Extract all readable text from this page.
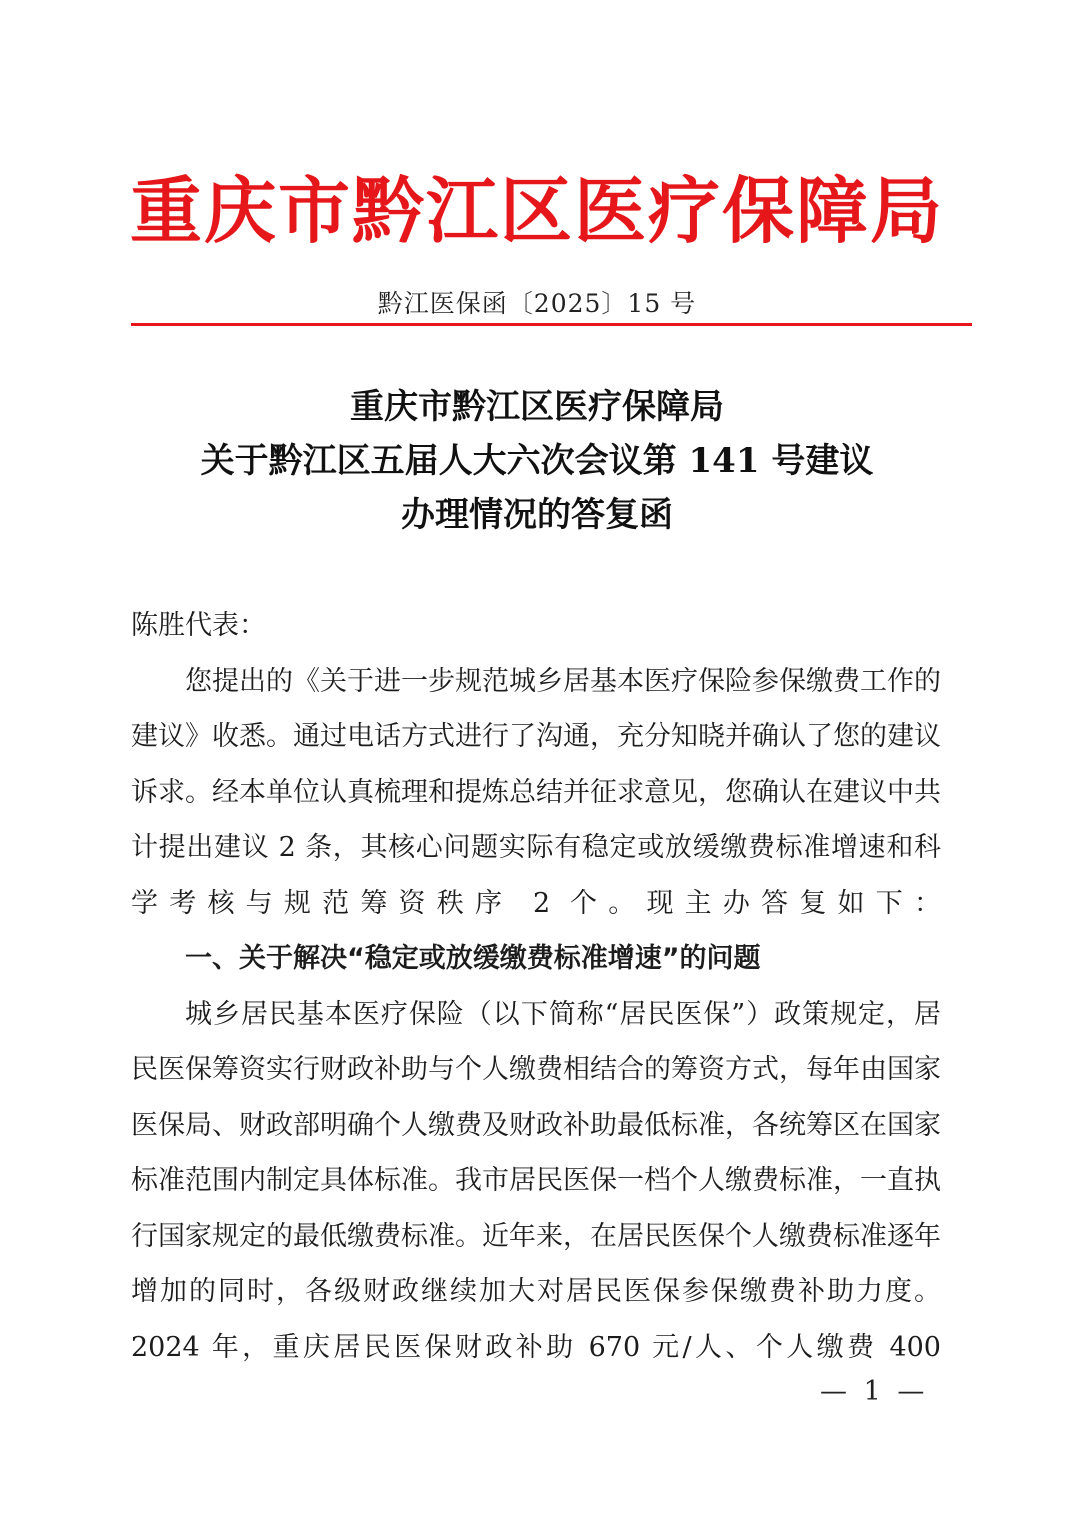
重庆市黔江区医疗保障局
黔江医保函〔2025〕15 号
重庆市黔江区医疗保障局
关于黔江区五届人大六次会议第 141 号建议
办理情况的答复函

陈胜代表：

您提出的《关于进一步规范城乡居基本医疗保险参保缴费工作的建议》收悉。通过电话方式进行了沟通，充分知晓并确认了您的建议诉求。经本单位认真梳理和提炼总结并征求意见，您确认在建议中共计提出建议 2 条，其核心问题实际有稳定或放缓缴费标准增速和科学考核与规范筹资秩序 2 个。现主办答复如下：

一、关于解决“稳定或放缓缴费标准增速”的问题

城乡居民基本医疗保险（以下简称“居民医保”）政策规定，居民医保筹资实行财政补助与个人缴费相结合的筹资方式，每年由国家医保局、财政部明确个人缴费及财政补助最低标准，各统筹区在国家标准范围内制定具体标准。我市居民医保一档个人缴费标准，一直执行国家规定的最低缴费标准。近年来，在居民医保个人缴费标准逐年增加的同时，各级财政继续加大对居民医保参保缴费补助力度。2024 年，重庆居民医保财政补助 670 元/人、个人缴费 400

— 1 —
